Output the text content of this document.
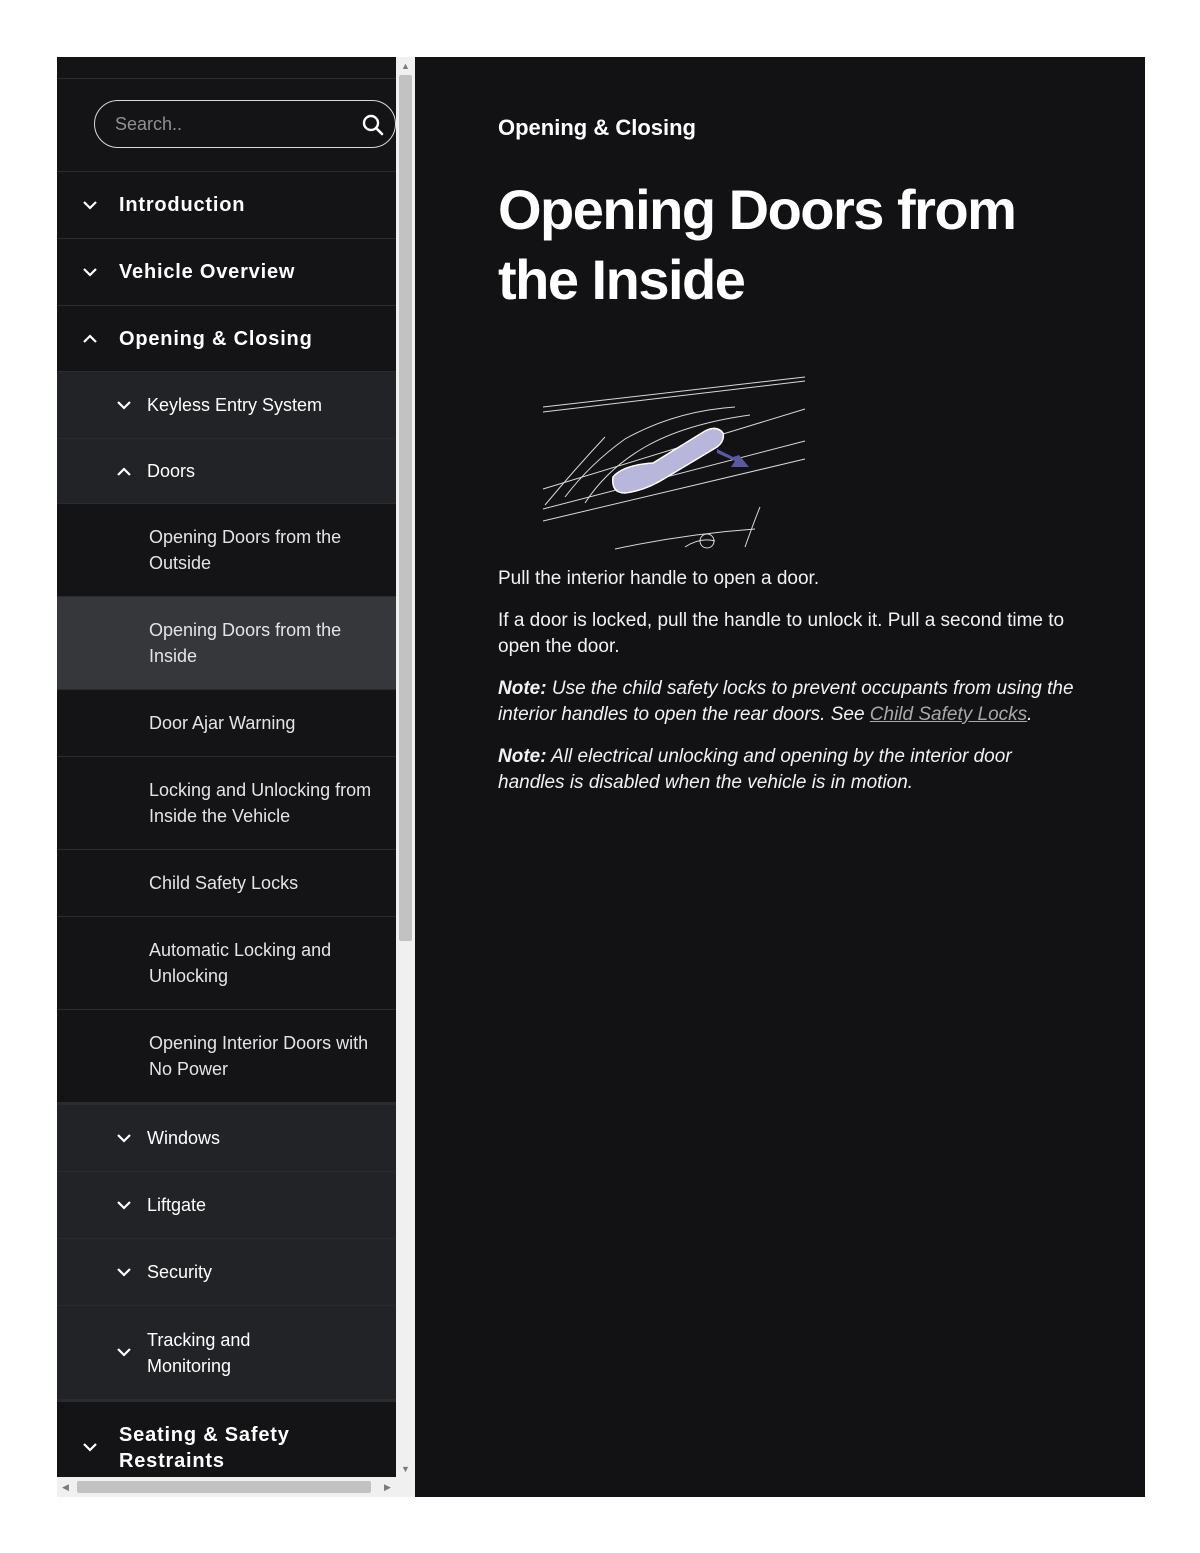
Search..
Introduction
Vehicle Overview
Opening & Closing
Keyless Entry System
Doors
Opening Doors from the Outside
Opening Doors from the Inside
Door Ajar Warning
Locking and Unlocking from Inside the Vehicle
Child Safety Locks
Automatic Locking and Unlocking
Opening Interior Doors with No Power
Windows
Liftgate
Security
Tracking and Monitoring
Seating & Safety Restraints
▲
▼
◀	▶
Opening & Closing
Opening Doors from the Inside

Pull the interior handle to open a door.

If a door is locked, pull the handle to unlock it. Pull a second time to open the door.

Note: Use the child safety locks to prevent occupants from using the interior handles to open the rear doors. See Child Safety Locks.

Note: All electrical unlocking and opening by the interior door handles is disabled when the vehicle is in motion.
